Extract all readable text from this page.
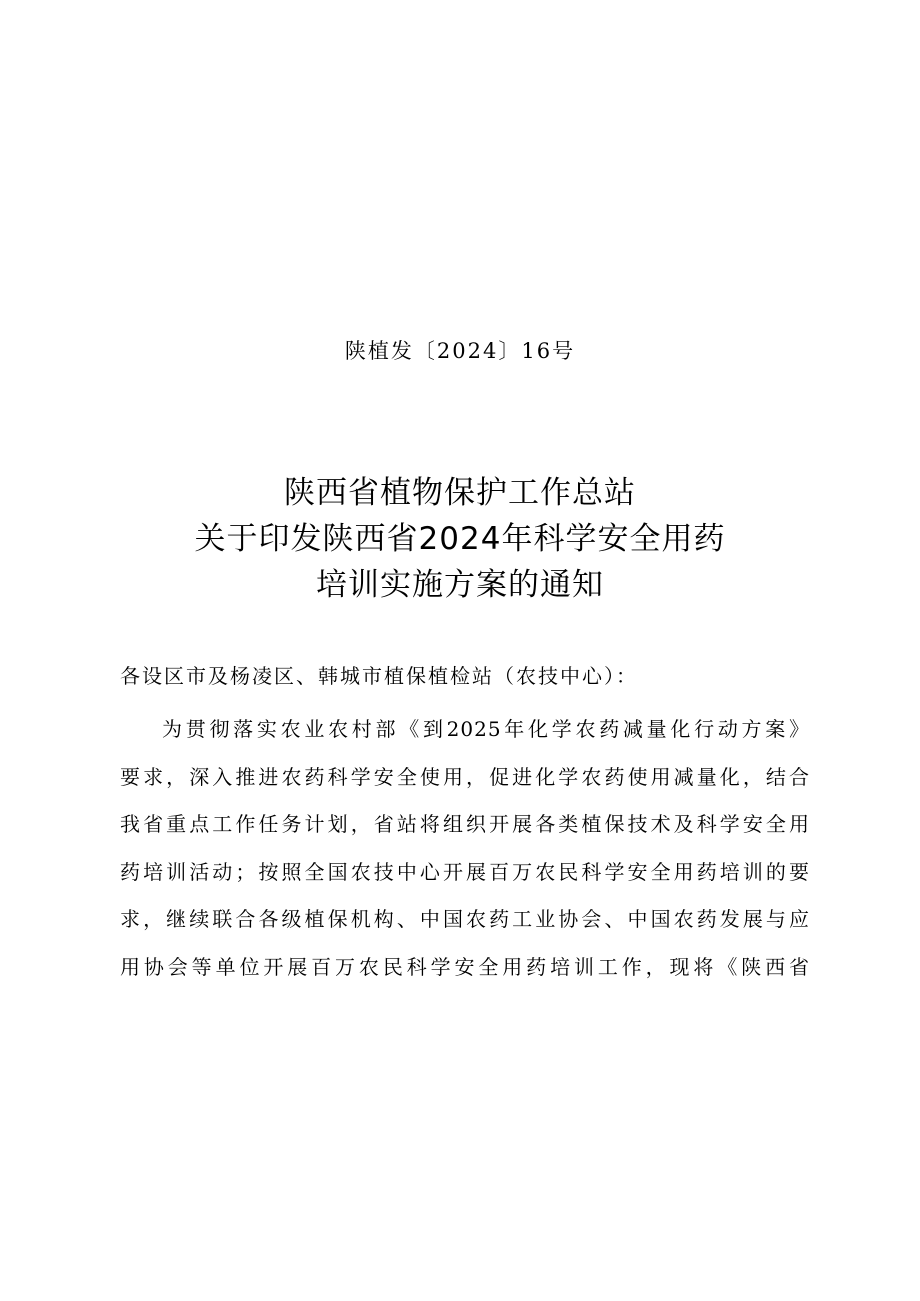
陕植发〔2024〕16号
陕西省植物保护工作总站
关于印发陕西省2024年科学安全用药
培训实施方案的通知
各设区市及杨凌区、韩城市植保植检站（农技中心）：
为贯彻落实农业农村部《到2025年化学农药减量化行动方案》
要求，深入推进农药科学安全使用，促进化学农药使用减量化，结合
我省重点工作任务计划，省站将组织开展各类植保技术及科学安全用
药培训活动；按照全国农技中心开展百万农民科学安全用药培训的要
求，继续联合各级植保机构、中国农药工业协会、中国农药发展与应
用协会等单位开展百万农民科学安全用药培训工作，现将《陕西省
